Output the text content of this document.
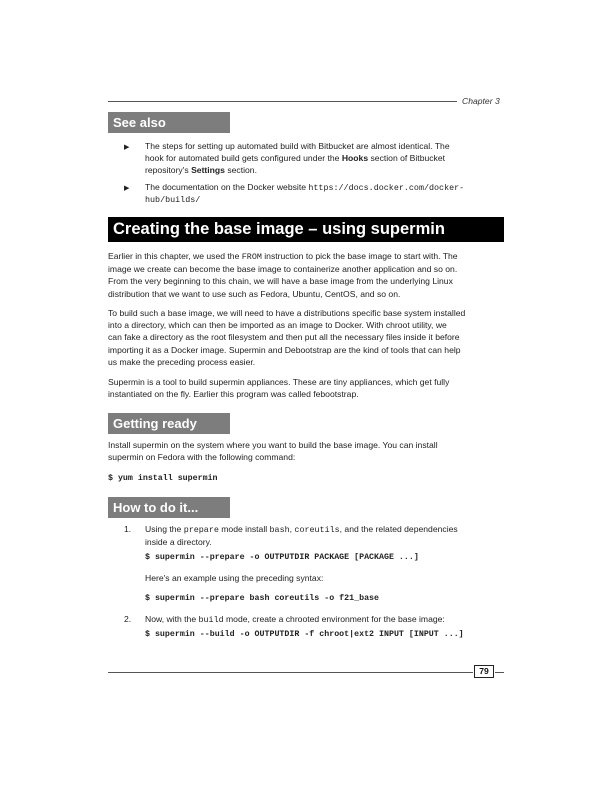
Chapter 3
See also
▶	The steps for setting up automated build with Bitbucket are almost identical. The
hook for automated build gets configured under the Hooks section of Bitbucket
repository's Settings section.
▶	The documentation on the Docker website https://docs.docker.com/docker-
hub/builds/
Creating the base image – using supermin
Earlier in this chapter, we used the FROM instruction to pick the base image to start with. The
image we create can become the base image to containerize another application and so on.
From the very beginning to this chain, we will have a base image from the underlying Linux
distribution that we want to use such as Fedora, Ubuntu, CentOS, and so on.
To build such a base image, we will need to have a distributions specific base system installed
into a directory, which can then be imported as an image to Docker. With chroot utility, we
can fake a directory as the root filesystem and then put all the necessary files inside it before
importing it as a Docker image. Supermin and Debootstrap are the kind of tools that can help
us make the preceding process easier.
Supermin is a tool to build supermin appliances. These are tiny appliances, which get fully
instantiated on the fly. Earlier this program was called febootstrap.
Getting ready
Install supermin on the system where you want to build the base image. You can install
supermin on Fedora with the following command:
$ yum install supermin
How to do it...
1.	Using the prepare mode install bash, coreutils, and the related dependencies
inside a directory.
$ supermin --prepare -o OUTPUTDIR PACKAGE [PACKAGE ...]
Here's an example using the preceding syntax:
$ supermin --prepare bash coreutils -o f21_base
2.	Now, with the build mode, create a chrooted environment for the base image:
$ supermin --build -o OUTPUTDIR -f chroot|ext2 INPUT [INPUT ...]
79
